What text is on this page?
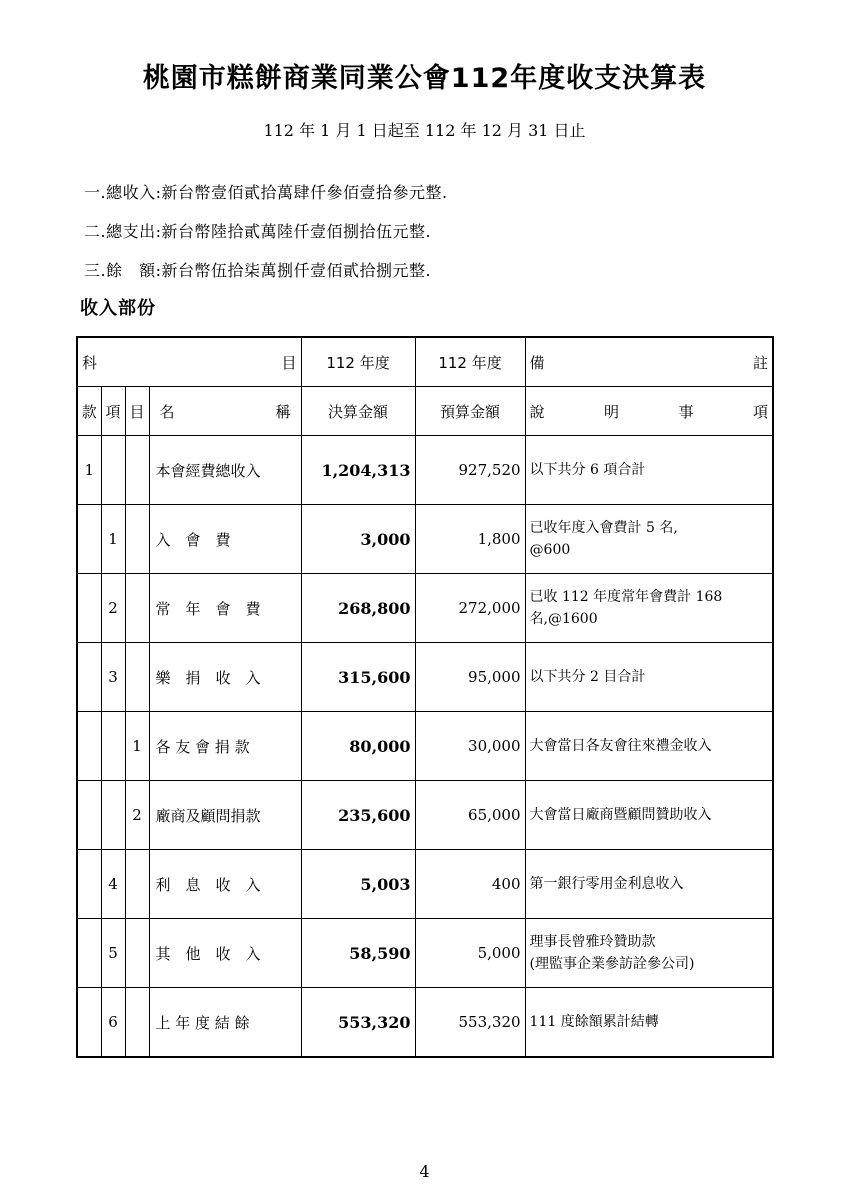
桃園市糕餅商業同業公會112年度收支決算表
112 年 1 月 1 日起至 112 年 12 月 31 日止
一.總收入:新台幣壹佰貳拾萬肆仟參佰壹拾參元整.
二.總支出:新台幣陸拾貳萬陸仟壹佰捌拾伍元整.
三.餘　額:新台幣伍拾柒萬捌仟壹佰貳拾捌元整.
收入部份
科 目				112 年度	112 年度	備 註

款	項	目	名 稱	決算金額	預算金額	說 明 事 項

1			本會經費總收入	1,204,313	927,520	以下共分 6 項合計
	1		入　會　費	3,000	1,800	已收年度入會費計 5 名,
@600
	2		常　年　會　費	268,800	272,000	已收 112 年度常年會費計 168
名,@1600
	3		樂　捐　收　入	315,600	95,000	以下共分 2 目合計
		1	各 友 會 捐 款	80,000	30,000	大會當日各友會往來禮金收入
		2	廠商及顧問捐款	235,600	65,000	大會當日廠商暨顧問贊助收入
	4		利　息　收　入	5,003	400	第一銀行零用金利息收入
	5		其　他　收　入	58,590	5,000	理事長曾雅玲贊助款
(理監事企業參訪詮參公司)
	6		上 年 度 結 餘	553,320	553,320	111 度餘額累計結轉
4
